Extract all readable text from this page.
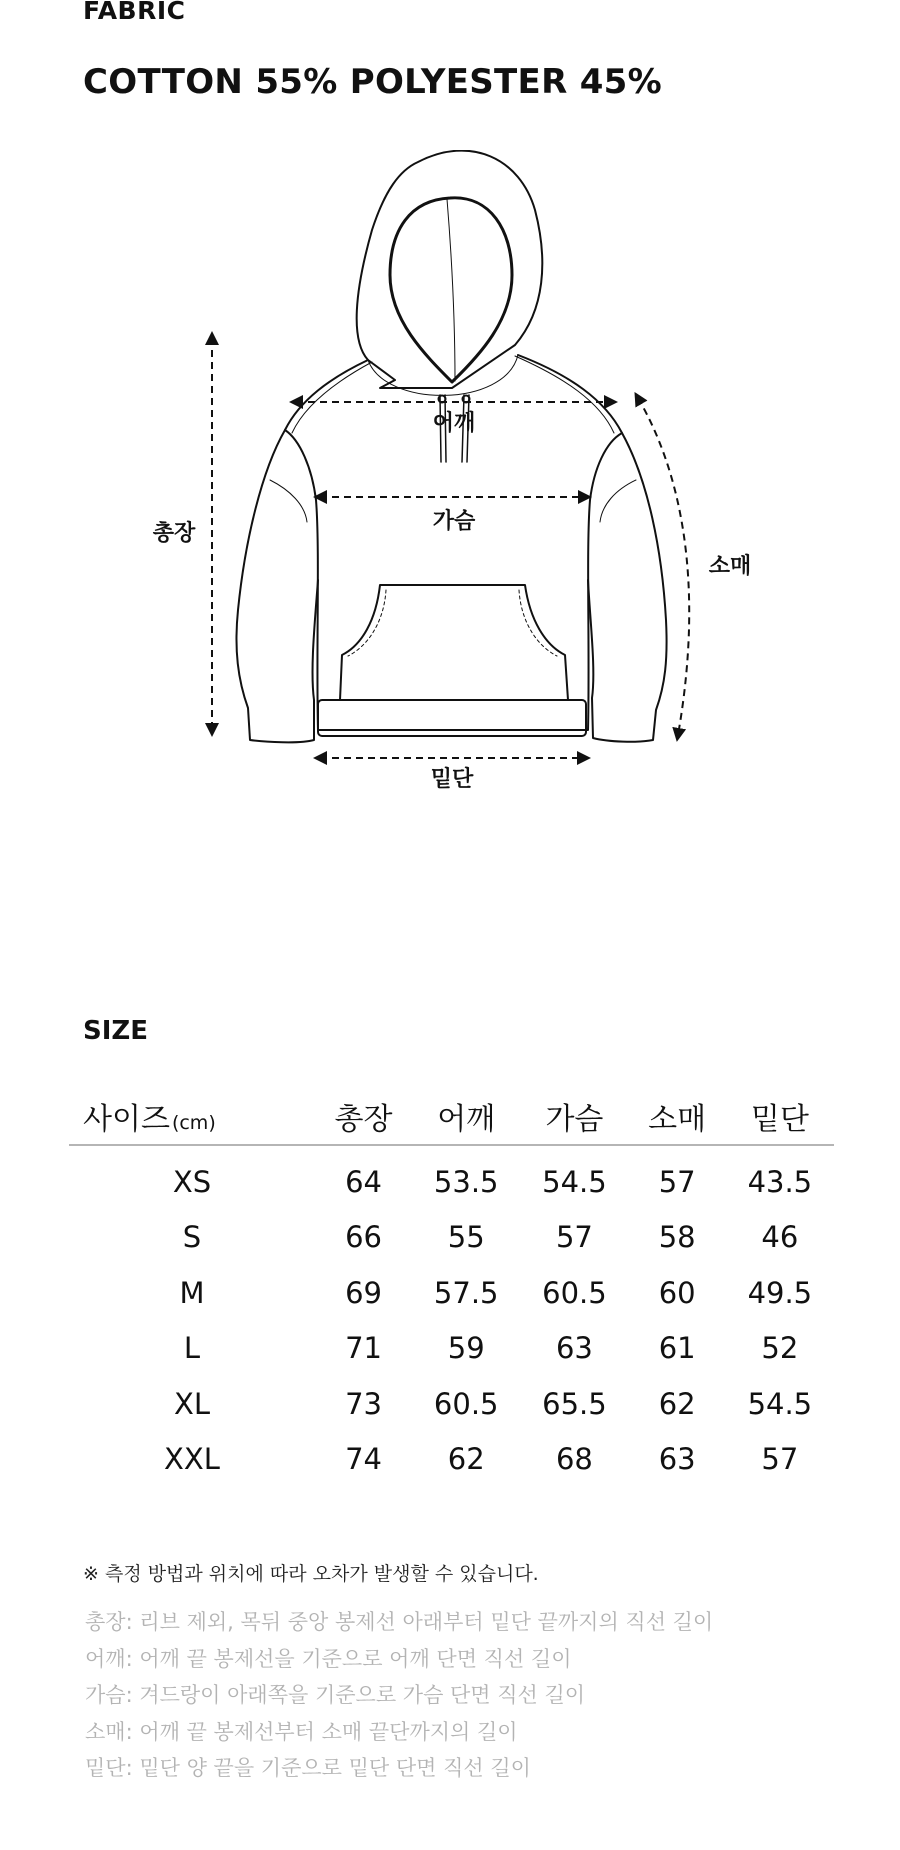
FABRIC
COTTON 55% POLYESTER 45%
어깨
가슴
총장
소매
밑단
SIZE
사이즈 (cm)	총장	어깨	가슴	소매	밑단
XS	64	53.5	54.5	57	43.5
S	66	55	57	58	46
M	69	57.5	60.5	60	49.5
L	71	59	63	61	52
XL	73	60.5	65.5	62	54.5
XXL	74	62	68	63	57
※ 측정 방법과 위치에 따라 오차가 발생할 수 있습니다.
총장: 리브 제외, 목뒤 중앙 봉제선 아래부터 밑단 끝까지의 직선 길이
어깨: 어깨 끝 봉제선을 기준으로 어깨 단면 직선 길이
가슴: 겨드랑이 아래쪽을 기준으로 가슴 단면 직선 길이
소매: 어깨 끝 봉제선부터 소매 끝단까지의 길이
밑단: 밑단 양 끝을 기준으로 밑단 단면 직선 길이
